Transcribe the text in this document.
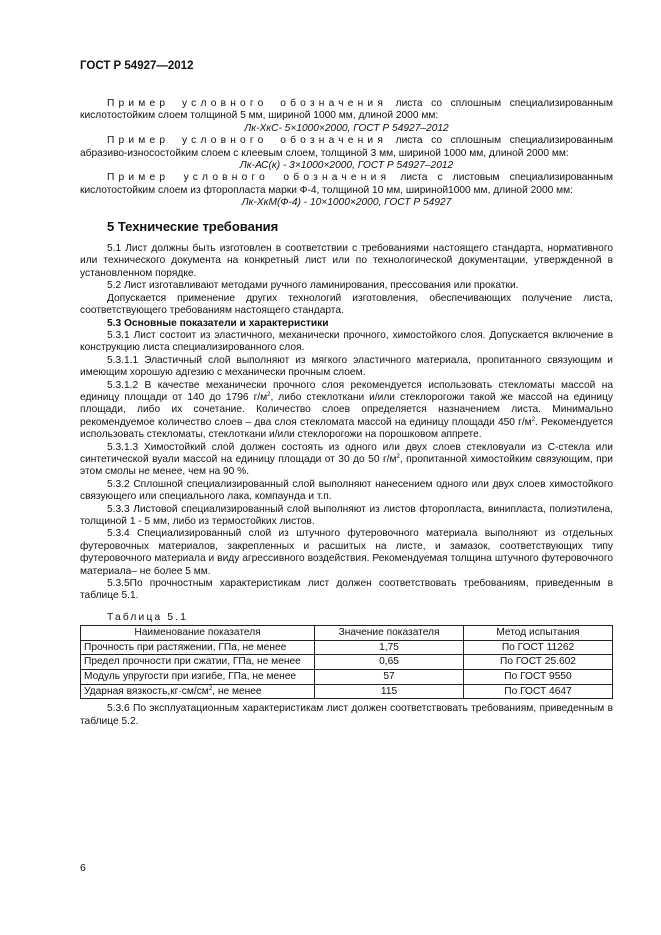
ГОСТ Р 54927—2012

Пример условного обозначения листа со сплошным специализированным кислотостойким слоем толщиной 5 мм, шириной 1000 мм, длиной 2000 мм:

Лк-ХкС- 5×1000×2000, ГОСТ Р 54927–2012

Пример условного обозначения листа со сплошным специализированным абразиво-износостойким слоем с клеевым слоем, толщиной 3 мм, шириной 1000 мм, длиной 2000 мм:

Лк-АС(к) - 3×1000×2000, ГОСТ Р 54927–2012

Пример условного обозначения листа с листовым специализированным кислотостойким слоем из фторопласта марки Ф-4, толщиной 10 мм, шириной1000 мм, длиной 2000 мм:

Лк-ХкМ(Ф-4) - 10×1000×2000, ГОСТ Р 54927

5 Технические требования

5.1 Лист должны быть изготовлен в соответствии с требованиями настоящего стандарта, нормативного или технического документа на конкретный лист или по технологической документации, утвержденной в установленном порядке.

5.2 Лист изготавливают методами ручного ламинирования, прессования или прокатки.

Допускается применение других технологий изготовления, обеспечивающих получение листа, соответствующего требованиям настоящего стандарта.

5.3 Основные показатели и характеристики

5.3.1 Лист состоит из эластичного, механически прочного, химостойкого слоя. Допускается включение в конструкцию листа специализированного слоя.

5.3.1.1 Эластичный слой выполняют из мягкого эластичного материала, пропитанного связующим и имеющим хорошую адгезию с механически прочным слоем.

5.3.1.2 В качестве механически прочного слоя рекомендуется использовать стекломаты массой на единицу площади от 140 до 1796 $г/м^2$, либо стеклоткани и/или стеклорогожи такой же массой на единицу площади, либо их сочетание. Количество слоев определяется назначением листа. Минимально рекомендуемое количество слоев – два слоя стекломата массой на единицу площади 450 $г/м^2$. Рекомендуется использовать стекломаты, стеклоткани и/или стеклорогожи на порошковом аппрете.

5.3.1.3 Химостойкий слой должен состоять из одного или двух слоев стекловуали из С-стекла или синтетической вуали массой на единицу площади от 30 до 50 $г/м^2$, пропитанной химостойким связующим, при этом смолы не менее, чем на 90 %.

5.3.2 Сплошной специализированный слой выполняют нанесением одного или двух слоев химостойкого связующего или специального лака, компаунда и т.п.

5.3.3 Листовой специализированный слой выполняют из листов фторопласта, винипласта, полиэтилена, толщиной 1 - 5 мм, либо из термостойких листов.

5.3.4 Специализированный слой из штучного футеровочного материала выполняют из отдельных футеровочных материалов, закрепленных и расшитых на листе, и замазок, соответствующих типу футеровочного материала и виду агрессивного воздействия. Рекомендуемая толщина штучного футеровочного материала– не более 5 мм.

5.3.5По прочностным характеристикам лист должен соответствовать требованиям, приведенным в таблице 5.1.

Таблица 5.1
Наименование показателя	Значение показателя	Метод испытания
Прочность при растяжении, ГПа, не менее	1,75	По ГОСТ 11262
Предел прочности при сжатии, ГПа, не менее	0,65	По ГОСТ 25.602
Модуль упругости при изгибе, ГПа, не менее	57	По ГОСТ 9550
Ударная $вязкость,кг\cdot см/см^2$, не менее	115	По ГОСТ 4647

5.3.6 По эксплуатационным характеристикам лист должен соответствовать требованиям, приведенным в таблице 5.2.

6
